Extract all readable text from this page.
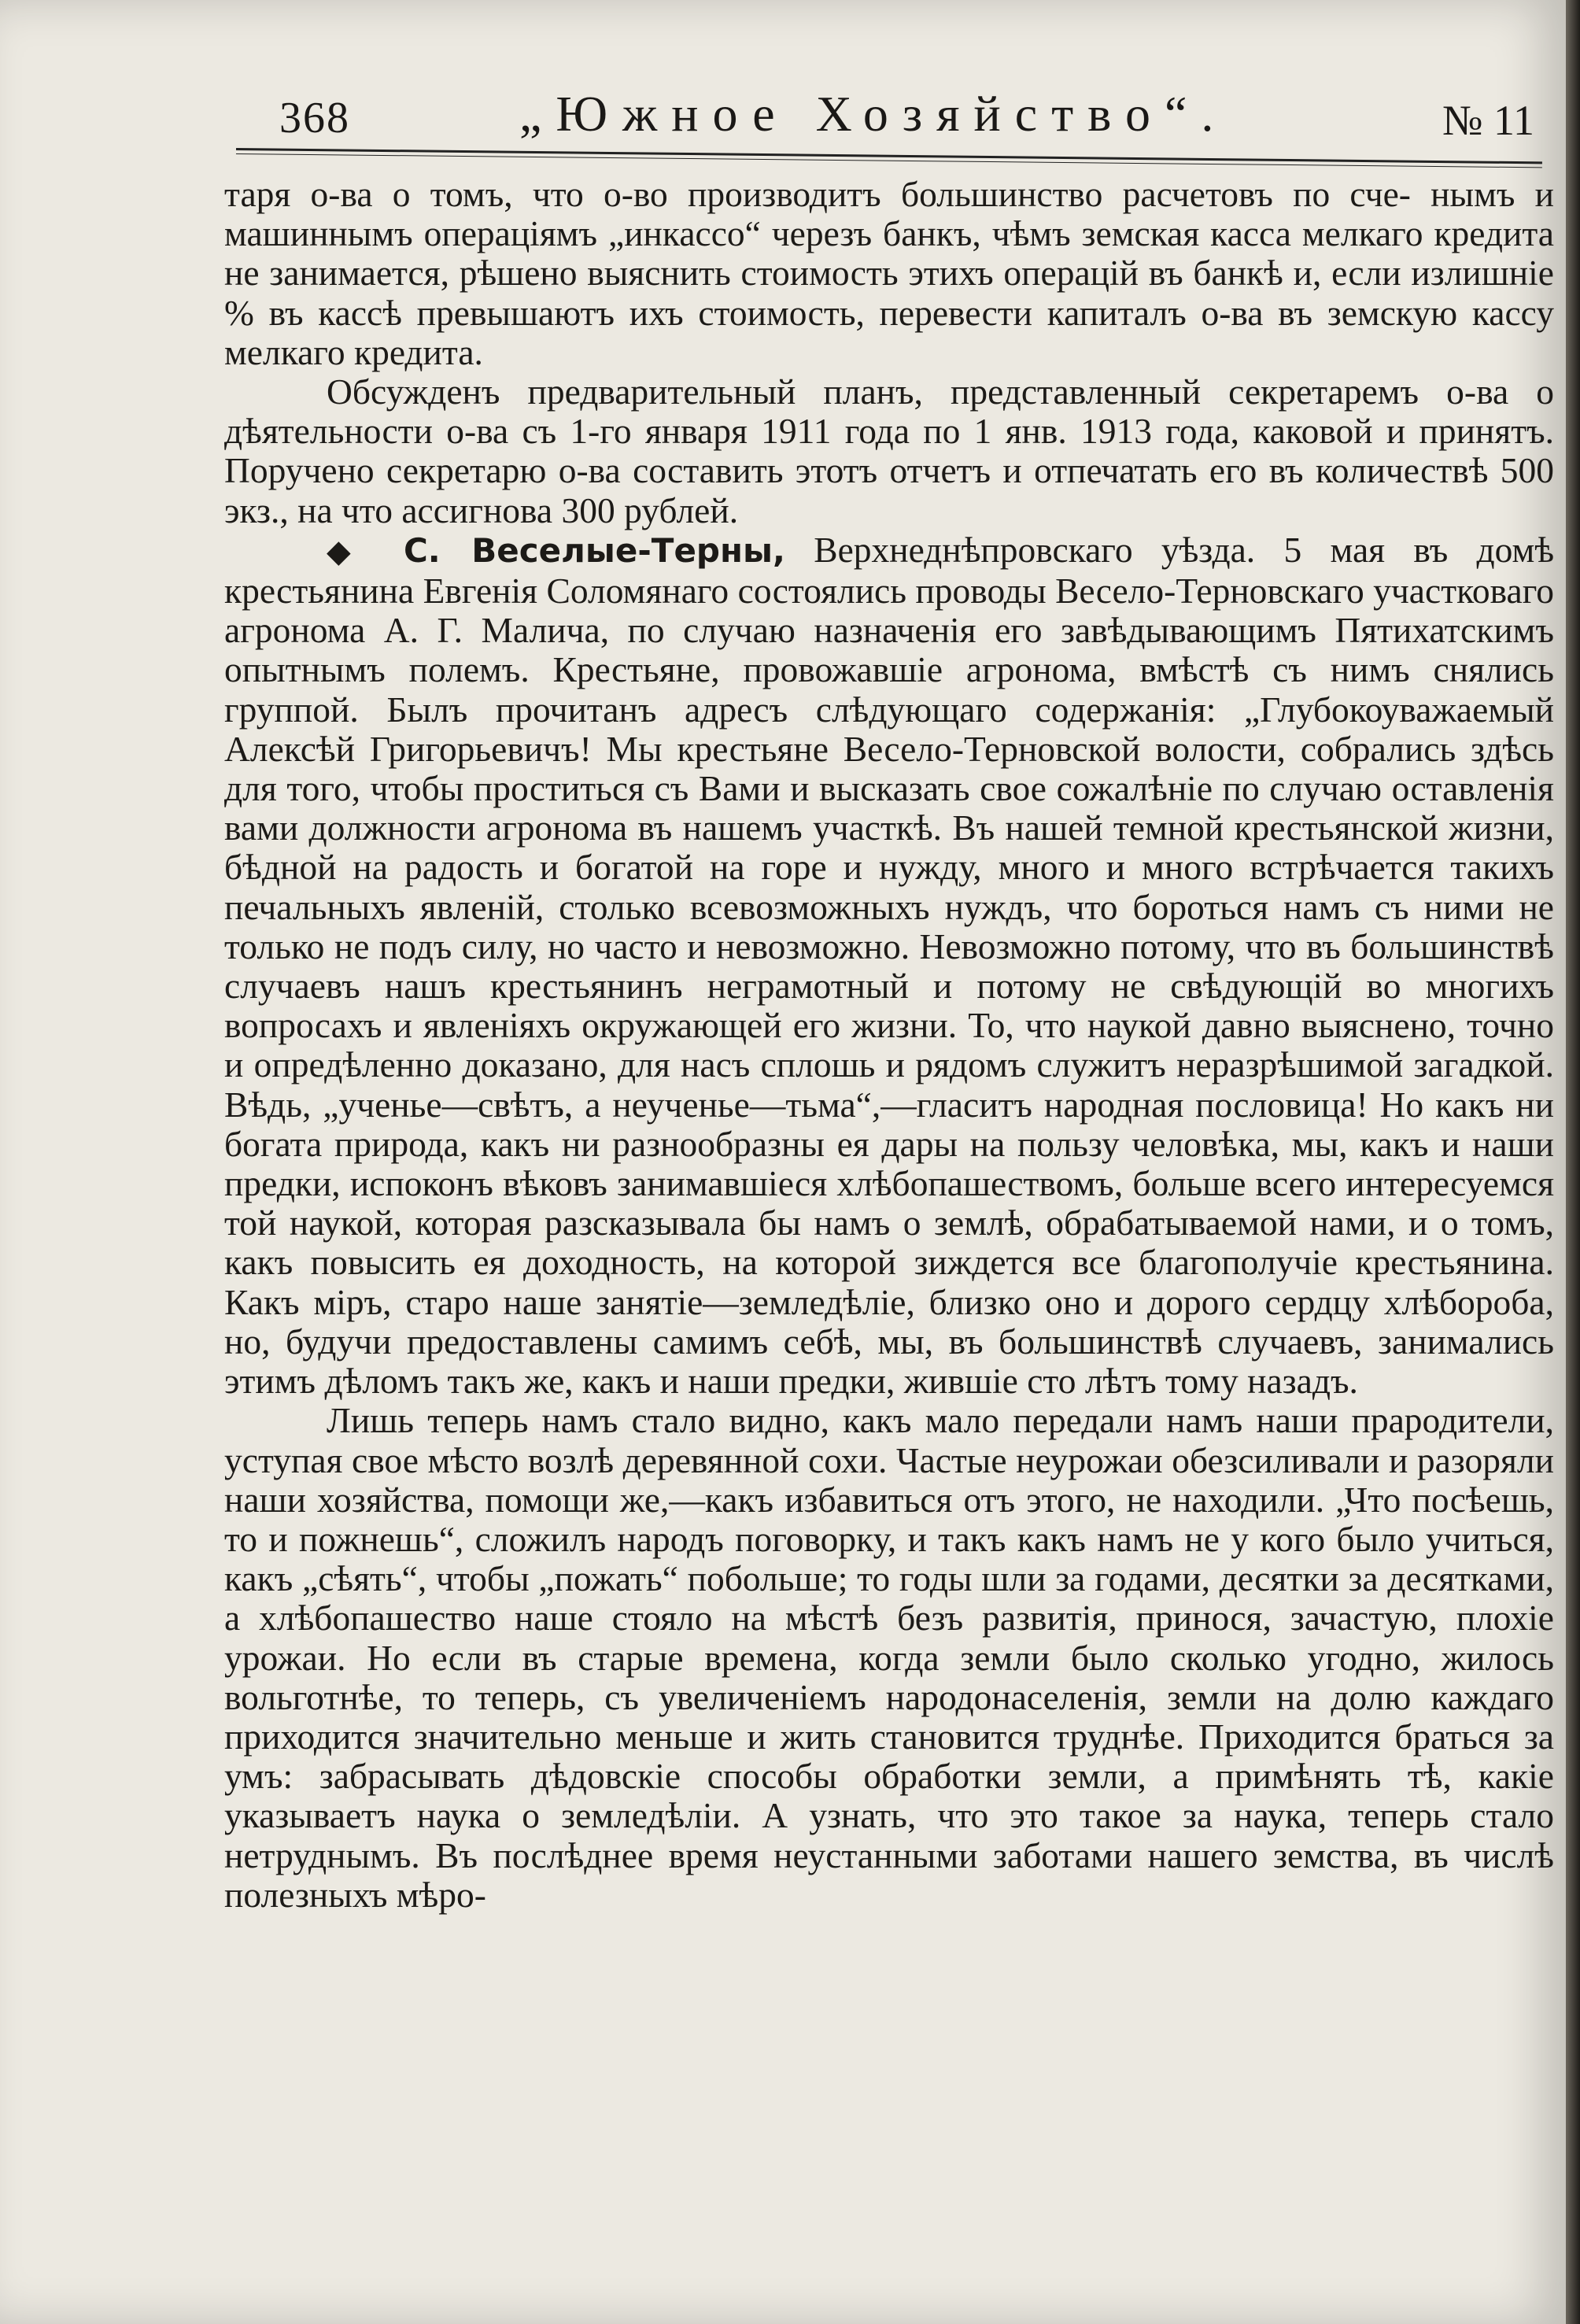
368	„Южное Хозяйство“.	№ 11

таря о-ва о томъ, что о-во производитъ большинство расчетовъ по сче- нымъ и машиннымъ операціямъ „инкассо“ черезъ банкъ, чѣмъ земская касса мелкаго кредита не занимается, рѣшено выяснить стоимость этихъ операцій въ банкѣ и, если излишніе % въ кассѣ превышаютъ ихъ стоимость, перевести капиталъ о-ва въ земскую кассу мелкаго кредита.

Обсужденъ предварительный планъ, представленный секретаремъ о-ва о дѣятельности о-ва съ 1-го января 1911 года по 1 янв. 1913 года, каковой и принятъ. Поручено секретарю о-ва составить этотъ отчетъ и отпечатать его въ количествѣ 500 экз., на что ассигнова 300 рублей.

◆ С. Веселые-Терны, Верхнеднѣпровскаго уѣзда. 5 мая въ домѣ крестьянина Евгенія Соломянаго состоялись проводы Весело-Терновскаго участковаго агронома А. Г. Малича, по случаю назначенія его завѣдывающимъ Пятихатскимъ опытнымъ полемъ. Крестьяне, провожавшіе агронома, вмѣстѣ съ нимъ снялись группой. Былъ прочитанъ адресъ слѣдующаго содержанія: „Глубокоуважаемый Алексѣй Григорьевичъ! Мы крестьяне Весело-Терновской волости, собрались здѣсь для того, чтобы проститься съ Вами и высказать свое сожалѣніе по случаю оставленія вами должности агронома въ нашемъ участкѣ. Въ нашей темной крестьянской жизни, бѣдной на радость и богатой на горе и нужду, много и много встрѣчается такихъ печальныхъ явленій, столько всевозможныхъ нуждъ, что бороться намъ съ ними не только не подъ силу, но часто и невозможно. Невозможно потому, что въ большинствѣ случаевъ нашъ крестьянинъ неграмотный и потому не свѣдующій во многихъ вопросахъ и явленіяхъ окружающей его жизни. То, что наукой давно выяснено, точно и опредѣленно доказано, для насъ сплошь и рядомъ служитъ неразрѣшимой загадкой. Вѣдь, „ученье—свѣтъ, а неученье—тьма“,—гласитъ народная пословица! Но какъ ни богата природа, какъ ни разнообразны ея дары на пользу человѣка, мы, какъ и наши предки, испоконъ вѣковъ занимавшіеся хлѣбопашествомъ, больше всего интересуемся той наукой, которая разсказывала бы намъ о землѣ, обрабатываемой нами, и о томъ, какъ повысить ея доходность, на которой зиждется все благополучіе крестьянина. Какъ міръ, старо наше занятіе—земледѣліе, близко оно и дорого сердцу хлѣбороба, но, будучи предоставлены самимъ себѣ, мы, въ большинствѣ случаевъ, занимались этимъ дѣломъ такъ же, какъ и наши предки, жившіе сто лѣтъ тому назадъ.

Лишь теперь намъ стало видно, какъ мало передали намъ наши прародители, уступая свое мѣсто возлѣ деревянной сохи. Частые неурожаи обезсиливали и разоряли наши хозяйства, помощи же,—какъ избавиться отъ этого, не находили. „Что посѣешь, то и пожнешь“, сложилъ народъ поговорку, и такъ какъ намъ не у кого было учиться, какъ „сѣять“, чтобы „пожать“ побольше; то годы шли за годами, десятки за десятками, а хлѣбопашество наше стояло на мѣстѣ безъ развитія, принося, зачастую, плохіе урожаи. Но если въ старые времена, когда земли было сколько угодно, жилось вольготнѣе, то теперь, съ увеличеніемъ народонаселенія, земли на долю каждаго приходится значительно меньше и жить становится труднѣе. Приходится браться за умъ: забрасывать дѣдовскіе способы обработки земли, а примѣнять тѣ, какіе указываетъ наука о земледѣліи. А узнать, что это такое за наука, теперь стало нетруднымъ. Въ послѣднее время неустанными заботами нашего земства, въ числѣ полезныхъ мѣро-
